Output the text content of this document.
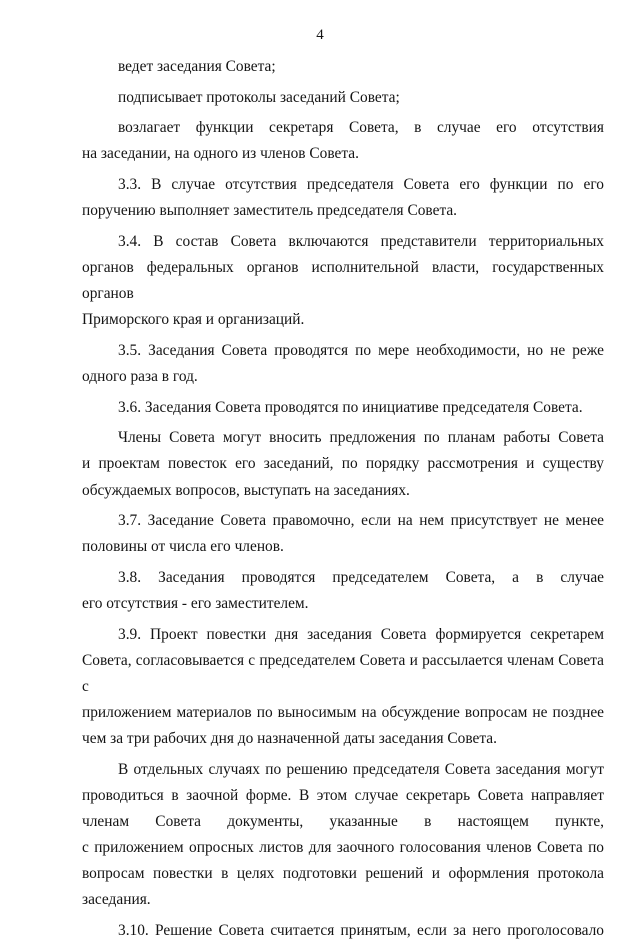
4

ведет заседания Совета;

подписывает протоколы заседаний Совета;

возлагает функции секретаря Совета, в случае его отсутствия
на заседании, на одного из членов Совета.

3.3. В случае отсутствия председателя Совета его функции по его
поручению выполняет заместитель председателя Совета.

3.4. В состав Совета включаются представители территориальных
органов федеральных органов исполнительной власти, государственных органов
Приморского края и организаций.

3.5. Заседания Совета проводятся по мере необходимости, но не реже
одного раза в год.

3.6. Заседания Совета проводятся по инициативе председателя Совета.

Члены Совета могут вносить предложения по планам работы Совета
и проектам повесток его заседаний, по порядку рассмотрения и существу
обсуждаемых вопросов, выступать на заседаниях.

3.7. Заседание Совета правомочно, если на нем присутствует не менее
половины от числа его членов.

3.8. Заседания проводятся председателем Совета, а в случае
его отсутствия - его заместителем.

3.9. Проект повестки дня заседания Совета формируется секретарем
Совета, согласовывается с председателем Совета и рассылается членам Совета с
приложением материалов по выносимым на обсуждение вопросам не позднее
чем за три рабочих дня до назначенной даты заседания Совета.

В отдельных случаях по решению председателя Совета заседания могут
проводиться в заочной форме. В этом случае секретарь Совета направляет
членам Совета документы, указанные в настоящем пункте,
с приложением опросных листов для заочного голосования членов Совета по
вопросам повестки в целях подготовки решений и оформления протокола
заседания.

3.10. Решение Совета считается принятым, если за него проголосовало
